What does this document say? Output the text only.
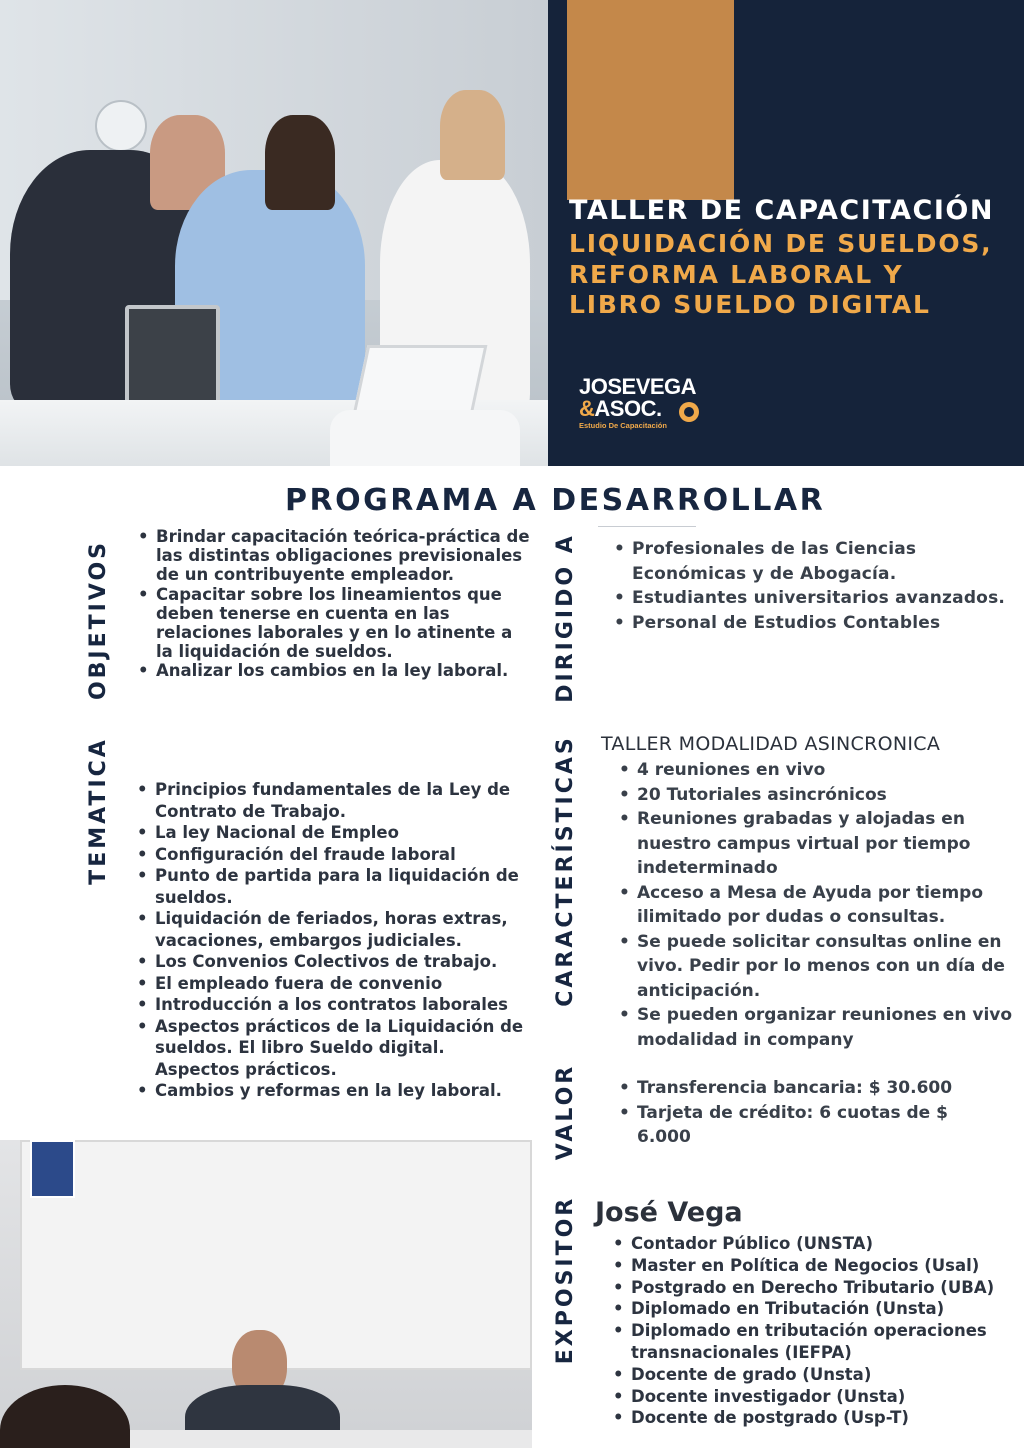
TALLER DE CAPACITACIÓN
LIQUIDACIÓN DE SUELDOS,
REFORMA LABORAL Y
LIBRO SUELDO DIGITAL
JOSEVEGA
&ASOC.
Estudio De Capacitación
PROGRAMA A DESARROLLAR
OBJETIVOS	DIRIGIDO A
TEMATICA	CARACTERÍSTICAS
VALOR
EXPOSITOR
• Brindar capacitación teórica-práctica de las distintas obligaciones previsionales de un contribuyente empleador.
• Capacitar sobre los lineamientos que deben tenerse en cuenta en las relaciones laborales y en lo atinente a la liquidación de sueldos.
• Analizar los cambios en la ley laboral.
• Profesionales de las Ciencias Económicas y de Abogacía.
• Estudiantes universitarios avanzados.
• Personal de Estudios Contables
• Principios fundamentales de la Ley de Contrato de Trabajo.
• La ley Nacional de Empleo
• Configuración del fraude laboral
• Punto de partida para la liquidación de sueldos.
• Liquidación de feriados, horas extras, vacaciones, embargos judiciales.
• Los Convenios Colectivos de trabajo.
• El empleado fuera de convenio
• Introducción a los contratos laborales
• Aspectos prácticos de la Liquidación de sueldos. El libro Sueldo digital. Aspectos prácticos.
• Cambios y reformas en la ley laboral.
TALLER MODALIDAD ASINCRONICA
• 4 reuniones en vivo
• 20 Tutoriales asincrónicos
• Reuniones grabadas y alojadas en nuestro campus virtual por tiempo indeterminado
• Acceso a Mesa de Ayuda por tiempo ilimitado por dudas o consultas.
• Se puede solicitar consultas online en vivo. Pedir por lo menos con un día de anticipación.
• Se pueden organizar reuniones en vivo modalidad in company
• Transferencia bancaria: $ 30.600
• Tarjeta de crédito: 6 cuotas de $ 6.000
José Vega
• Contador Público (UNSTA)
• Master en Política de Negocios (Usal)
• Postgrado en Derecho Tributario (UBA)
• Diplomado en Tributación (Unsta)
• Diplomado en tributación operaciones transnacionales (IEFPA)
• Docente de grado (Unsta)
• Docente investigador (Unsta)
• Docente de postgrado (Usp-T)
